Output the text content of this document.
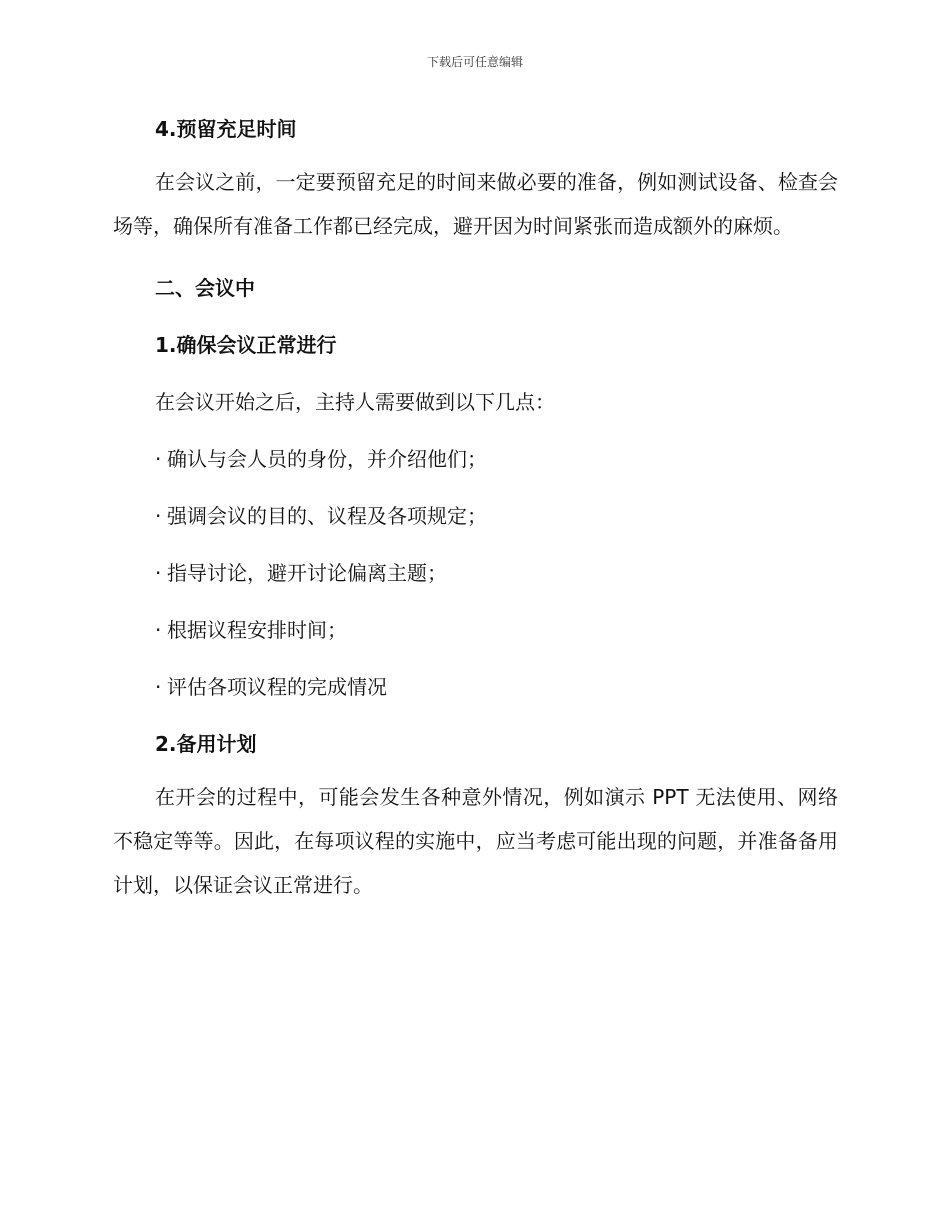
下载后可任意编辑
4.预留充足时间

在会议之前，一定要预留充足的时间来做必要的准备，例如测试设备、检查会场等，确保所有准备工作都已经完成，避开因为时间紧张而造成额外的麻烦。

二、会议中
1.确保会议正常进行

在会议开始之后，主持人需要做到以下几点：

· 确认与会人员的身份，并介绍他们；

· 强调会议的目的、议程及各项规定；

· 指导讨论，避开讨论偏离主题；

· 根据议程安排时间；

· 评估各项议程的完成情况

2.备用计划

在开会的过程中，可能会发生各种意外情况，例如演示 PPT 无法使用、网络不稳定等等。因此，在每项议程的实施中，应当考虑可能出现的问题，并准备备用计划，以保证会议正常进行。
